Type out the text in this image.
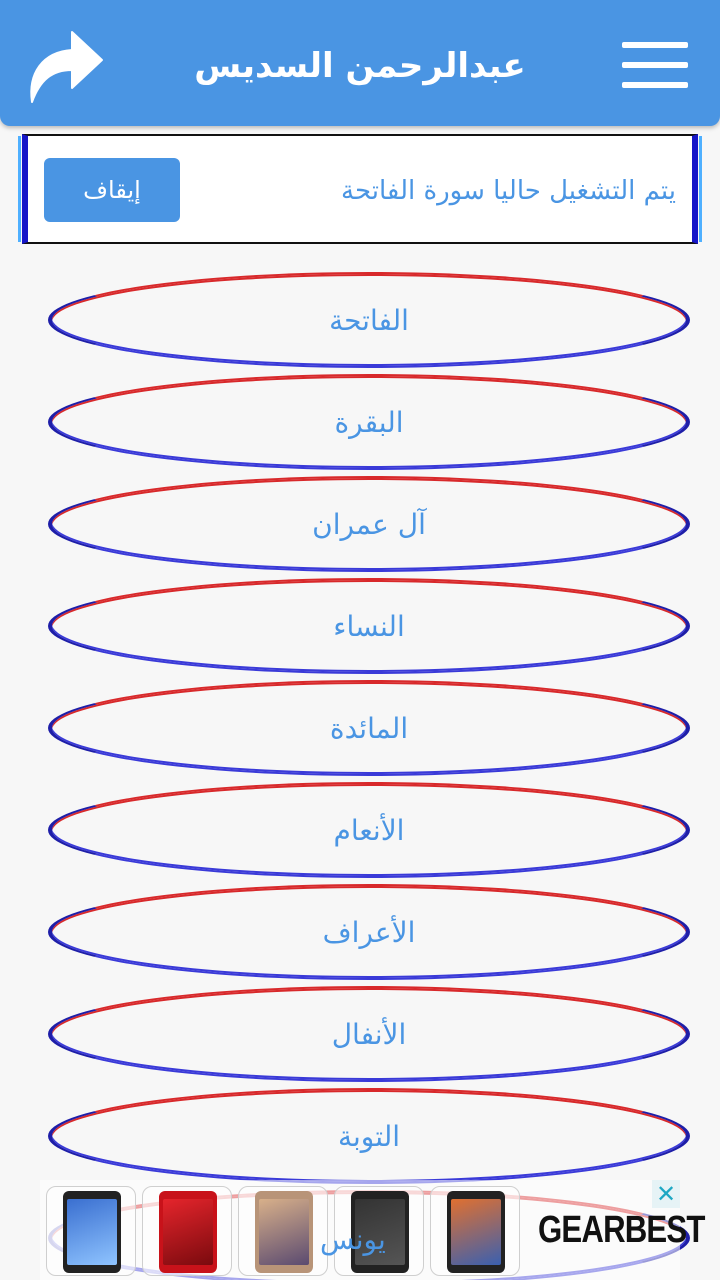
عبدالرحمن السديس
يتم التشغيل حاليا سورة الفاتحة
إيقاف
الفاتحة
البقرة
آل عمران
النساء
المائدة
الأنعام
الأعراف
الأنفال
التوبة
GEARBEST
✕
يونس
